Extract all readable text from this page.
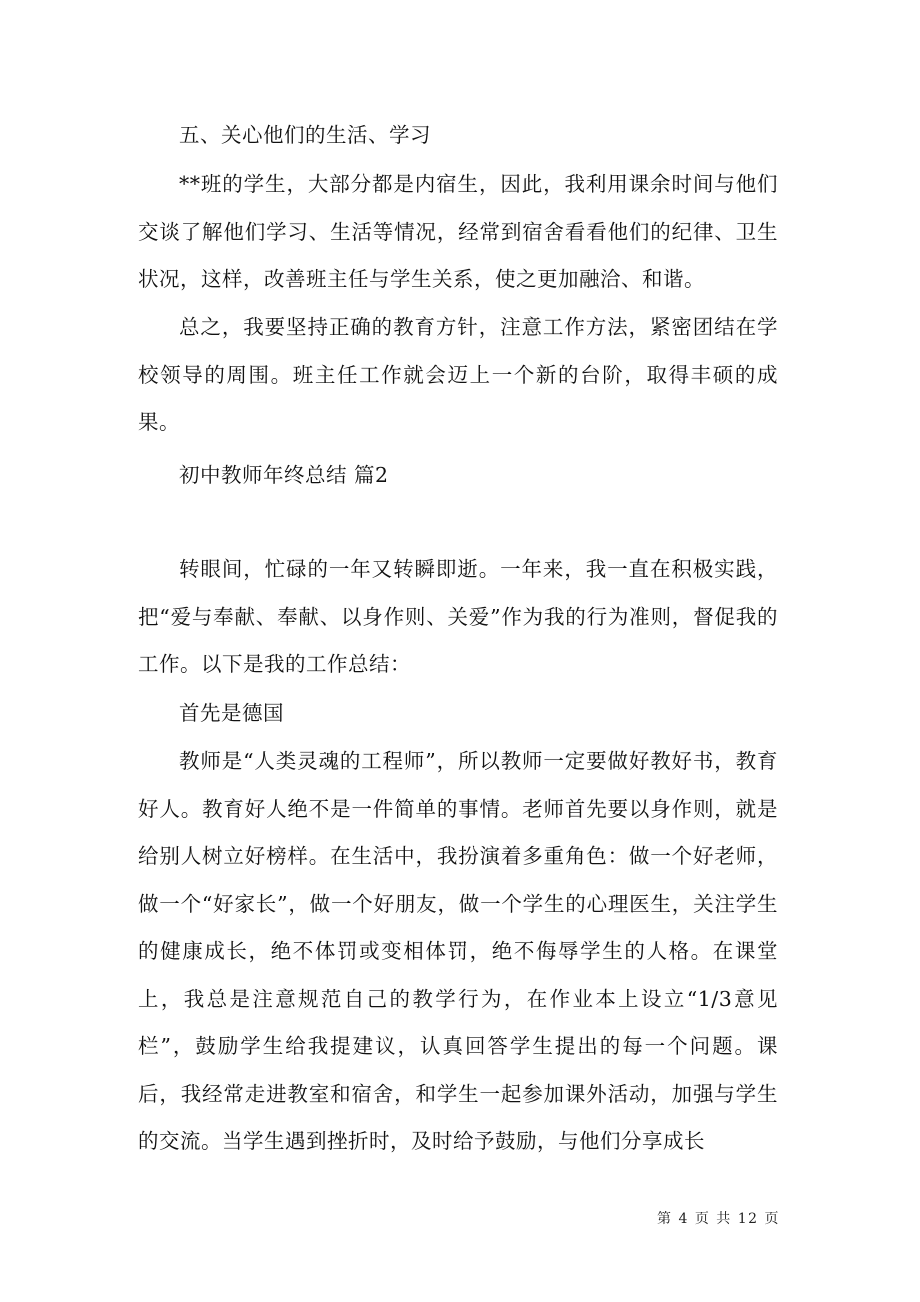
五、关心他们的生活、学习

**班的学生，大部分都是内宿生，因此，我利用课余时间与他们交谈了解他们学习、生活等情况，经常到宿舍看看他们的纪律、卫生状况，这样，改善班主任与学生关系，使之更加融洽、和谐。

总之，我要坚持正确的教育方针，注意工作方法，紧密团结在学校领导的周围。班主任工作就会迈上一个新的台阶，取得丰硕的成果。

初中教师年终总结 篇2

转眼间，忙碌的一年又转瞬即逝。一年来，我一直在积极实践，把“爱与奉献、奉献、以身作则、关爱”作为我的行为准则，督促我的工作。以下是我的工作总结：

首先是德国

教师是“人类灵魂的工程师”，所以教师一定要做好教好书，教育好人。教育好人绝不是一件简单的事情。老师首先要以身作则，就是给别人树立好榜样。在生活中，我扮演着多重角色：做一个好老师，做一个“好家长”，做一个好朋友，做一个学生的心理医生，关注学生的健康成长，绝不体罚或变相体罚，绝不侮辱学生的人格。在课堂上，我总是注意规范自己的教学行为，在作业本上设立“1/3意见栏”，鼓励学生给我提建议，认真回答学生提出的每一个问题。课后，我经常走进教室和宿舍，和学生一起参加课外活动，加强与学生的交流。当学生遇到挫折时，及时给予鼓励，与他们分享成长

第 4 页 共 12 页
